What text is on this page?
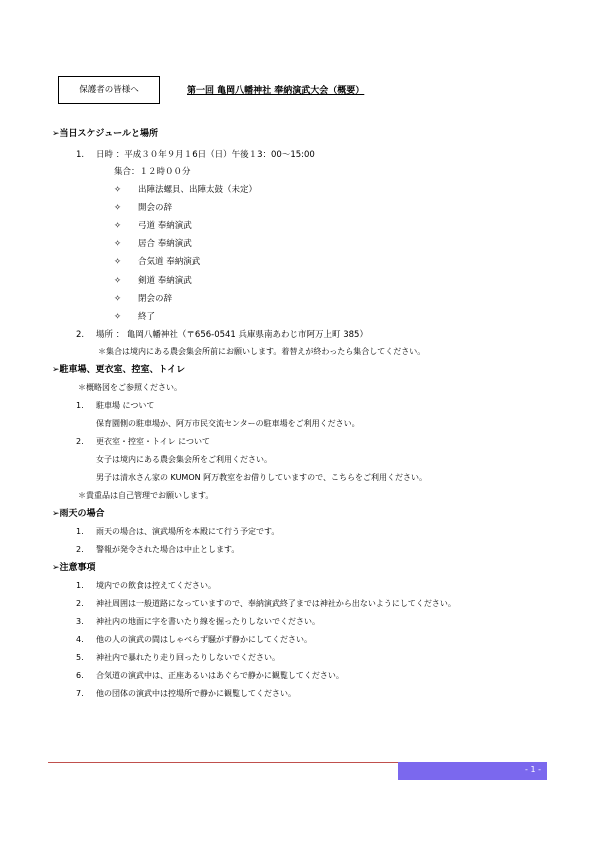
保護者の皆様へ	第一回 亀岡八幡神社 奉納演武大会（概要）
➢当日スケジュールと場所
1. 日時 ：平成３０年９月１6日（日）午後１3：00〜15:00
集合：１２時００分
✧ 出陣法螺貝、出陣太鼓（未定）
✧ 開会の辞
✧ 弓道 奉納演武
✧ 居合 奉納演武
✧ 合気道 奉納演武
✧ 剣道 奉納演武
✧ 閉会の辞
✧ 終了
2. 場所 ： 亀岡八幡神社（〒656-0541 兵庫県南あわじ市阿万上町 385）
＊集合は境内にある農会集会所前にお願いします。着替えが終わったら集合してください。
➢駐車場、更衣室、控室、トイレ
＊概略図をご参照ください。
1. 駐車場 について
保育園側の駐車場か、阿万市民交流センターの駐車場をご利用ください。
2. 更衣室・控室・トイレ について
女子は境内にある農会集会所をご利用ください。
男子は清水さん家の KUMON 阿万教室をお借りしていますので、こちらをご利用ください。
＊貴重品は自己管理でお願いします。
➢雨天の場合
1. 雨天の場合は、演武場所を本殿にて行う予定です。
2. 警報が発令された場合は中止とします。
➢注意事項
1. 境内での飲食は控えてください。
2. 神社周囲は一般道路になっていますので、奉納演武終了までは神社から出ないようにしてください。
3. 神社内の地面に字を書いたり線を掘ったりしないでください。
4. 他の人の演武の間はしゃべらず騒がず静かにしてください。
5. 神社内で暴れたり走り回ったりしないでください。
6. 合気道の演武中は、正座あるいはあぐらで静かに観覧してください。
7. 他の団体の演武中は控場所で静かに観覧してください。
- 1 -
